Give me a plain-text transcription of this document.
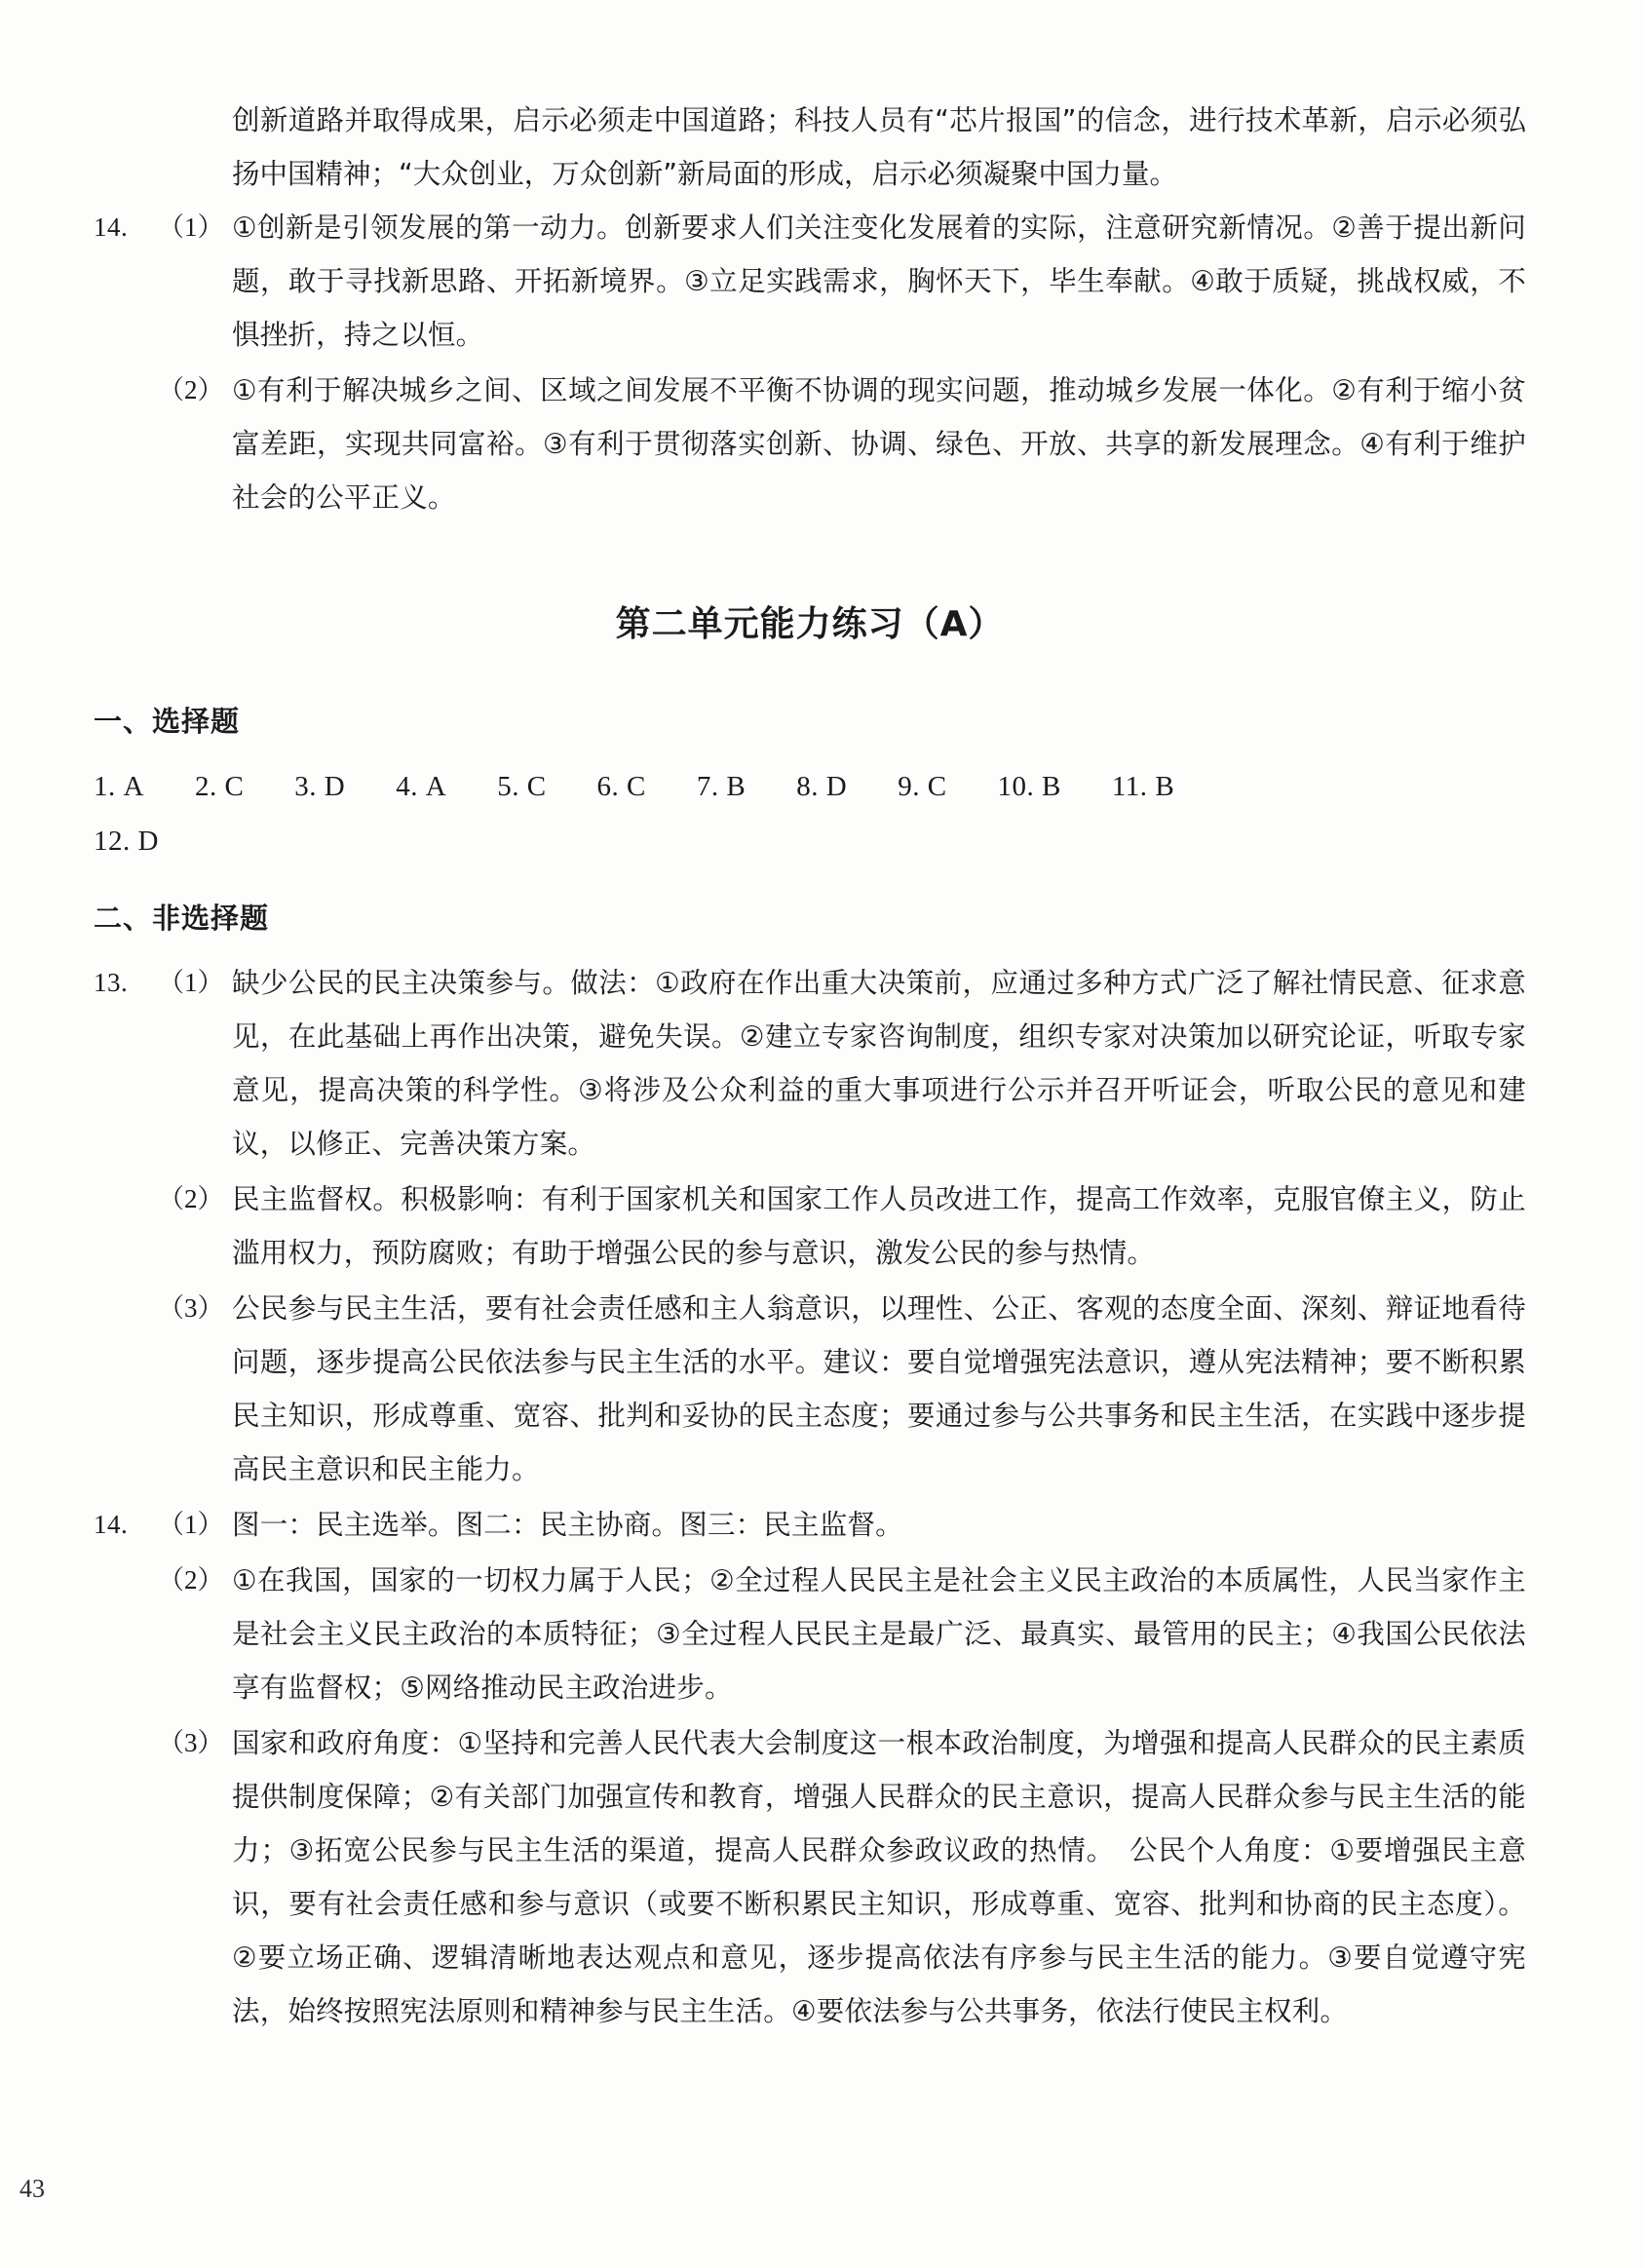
创新道路并取得成果，启示必须走中国道路；科技人员有“芯片报国”的信念，进行技术革新，启示必须弘扬中国精神；“大众创业，万众创新”新局面的形成，启示必须凝聚中国力量。
14.	（1） ①创新是引领发展的第一动力。创新要求人们关注变化发展着的实际，注意研究新情况。②善于提出新问题，敢于寻找新思路、开拓新境界。③立足实践需求，胸怀天下，毕生奉献。④敢于质疑，挑战权威，不惧挫折，持之以恒。
（2） ①有利于解决城乡之间、区域之间发展不平衡不协调的现实问题，推动城乡发展一体化。②有利于缩小贫富差距，实现共同富裕。③有利于贯彻落实创新、协调、绿色、开放、共享的新发展理念。④有利于维护社会的公平正义。
第二单元能力练习（A）
一、选择题
1. A 2. C 3. D 4. A 5. C 6. C 7. B 8. D 9. C 10. B 11. B
12. D
二、非选择题
13.	（1） 缺少公民的民主决策参与。做法：①政府在作出重大决策前，应通过多种方式广泛了解社情民意、征求意见，在此基础上再作出决策，避免失误。②建立专家咨询制度，组织专家对决策加以研究论证，听取专家意见，提高决策的科学性。③将涉及公众利益的重大事项进行公示并召开听证会，听取公民的意见和建议，以修正、完善决策方案。
（2） 民主监督权。积极影响：有利于国家机关和国家工作人员改进工作，提高工作效率，克服官僚主义，防止滥用权力，预防腐败；有助于增强公民的参与意识，激发公民的参与热情。
（3） 公民参与民主生活，要有社会责任感和主人翁意识，以理性、公正、客观的态度全面、深刻、辩证地看待问题，逐步提高公民依法参与民主生活的水平。建议：要自觉增强宪法意识，遵从宪法精神；要不断积累民主知识，形成尊重、宽容、批判和妥协的民主态度；要通过参与公共事务和民主生活，在实践中逐步提高民主意识和民主能力。
14.	（1） 图一：民主选举。图二：民主协商。图三：民主监督。
（2） ①在我国，国家的一切权力属于人民；②全过程人民民主是社会主义民主政治的本质属性，人民当家作主是社会主义民主政治的本质特征；③全过程人民民主是最广泛、最真实、最管用的民主；④我国公民依法享有监督权；⑤网络推动民主政治进步。
（3） 国家和政府角度：①坚持和完善人民代表大会制度这一根本政治制度，为增强和提高人民群众的民主素质提供制度保障；②有关部门加强宣传和教育，增强人民群众的民主意识，提高人民群众参与民主生活的能力；③拓宽公民参与民主生活的渠道，提高人民群众参政议政的热情。　公民个人角度：①要增强民主意识，要有社会责任感和参与意识（或要不断积累民主知识，形成尊重、宽容、批判和协商的民主态度）。②要立场正确、逻辑清晰地表达观点和意见，逐步提高依法有序参与民主生活的能力。③要自觉遵守宪法，始终按照宪法原则和精神参与民主生活。④要依法参与公共事务，依法行使民主权利。
43
